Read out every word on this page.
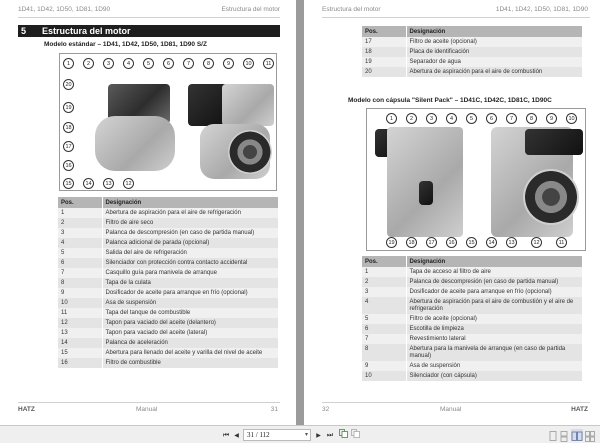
1D41, 1D42, 1D50, 1D81, 1D90	Estructura del motor
5 Estructura del motor
Modelo estándar – 1D41, 1D42, 1D50, 1D81, 1D90 S/Z
1	2	3	4	5	6	7	8	9	10	11
20
19
18
17
16
15	14	13	12
Pos.	Designación
1	Abertura de aspiración para el aire de refrigeración
2	Filtro de aire seco
3	Palanca de descompresión (en caso de partida manual)
4	Palanca adicional de parada (opcional)
5	Salida del aire de refrigeración
6	Silenciador con protección contra contacto accidental
7	Casquillo guía para manivela de arranque
8	Tapa de la culata
9	Dosificador de aceite para arranque en frío (opcional)
10	Asa de suspensión
11	Tapa del tanque de combustible
12	Tapon para vaciado del aceite (delantero)
13	Tapon para vaciado del aceite (lateral)
14	Palanca de aceleración
15	Abertura para llenado del aceite y varilla del nivel de aceite
16	Filtro de combustible
HATZ	Manual	31
Estructura del motor	1D41, 1D42, 1D50, 1D81, 1D90
Pos.	Designación
17	Filtro de aceite (opcional)
18	Placa de identificación
19	Separador de agua
20	Abertura de aspiración para el aire de combustión
Modelo con cápsula "Silent Pack" – 1D41C, 1D42C, 1D81C, 1D90C
1	2	3	4	5	6	7	8	9	10
19	18	17	16	15	14	13	12	11
Pos.	Designación
1	Tapa de acceso al filtro de aire
2	Palanca de descompresión (en caso de partida manual)
3	Dosificador de aceite para arranque en frío (opcional)
4	Abertura de aspiración para el aire de combustión y el aire de refrigeración
5	Filtro de aceite (opcional)
6	Escotilla de limpieza
7	Revestimiento lateral
8	Abertura para la manivela de arranque (en caso de partida manual)
9	Asa de suspensión
10	Silenciador (con cápsula)
32	Manual	HATZ
⏮ ◀	31 / 112	▾	▶ ⏭
